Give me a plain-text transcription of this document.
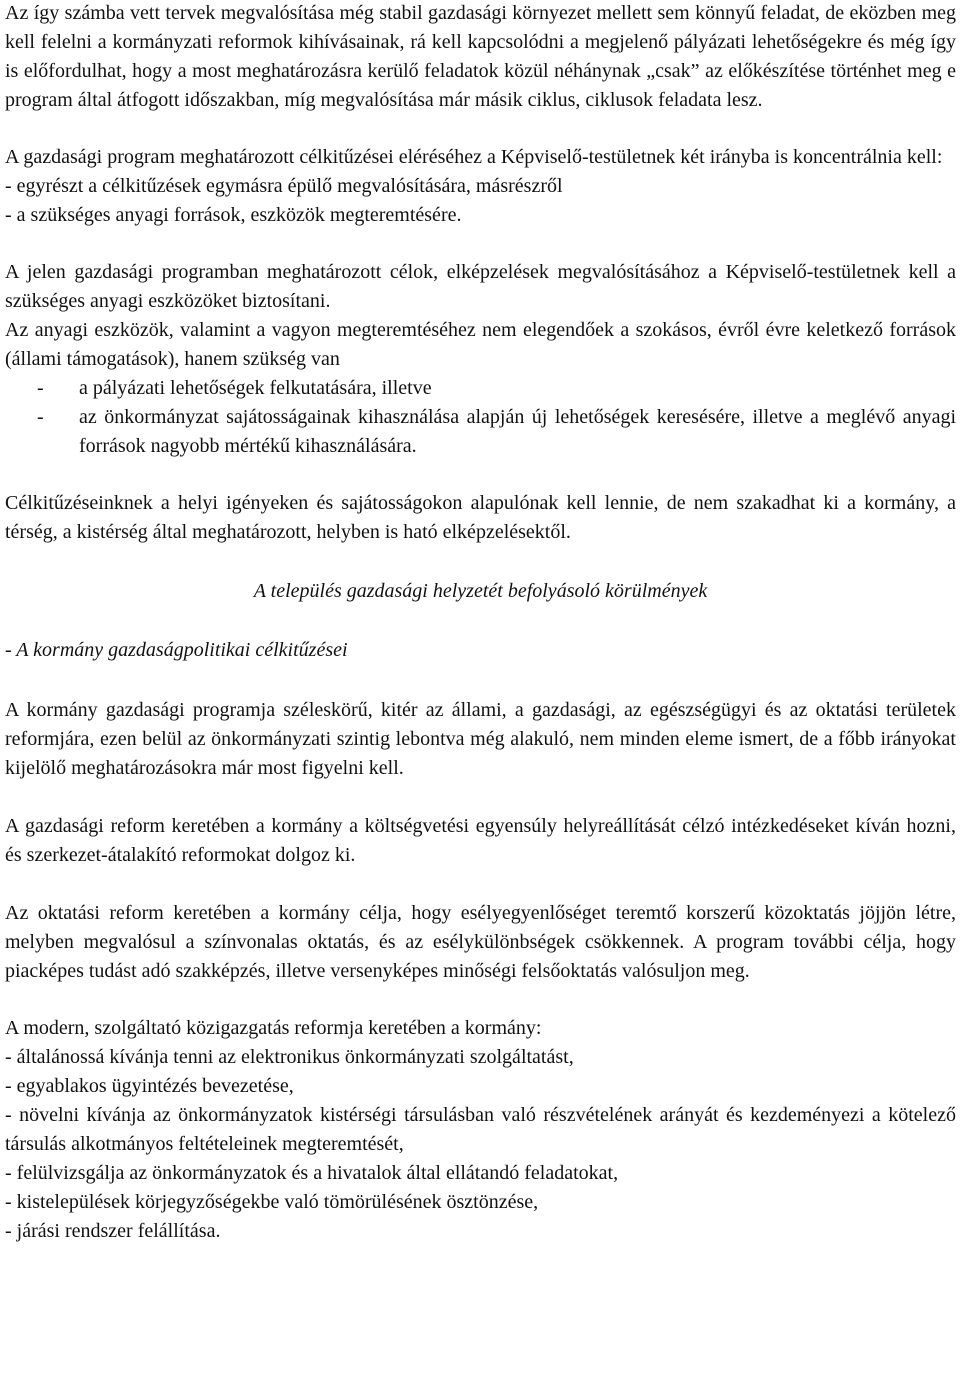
Az így számba vett tervek megvalósítása még stabil gazdasági környezet mellett sem könnyű feladat, de eközben meg kell felelni a kormányzati reformok kihívásainak, rá kell kapcsolódni a megjelenő pályázati lehetőségekre és még így is előfordulhat, hogy a most meghatározásra kerülő feladatok közül néhánynak „csak” az előkészítése történhet meg e program által átfogott időszakban, míg megvalósítása már másik ciklus, ciklusok feladata lesz.

A gazdasági program meghatározott célkitűzései eléréséhez a Képviselő-testületnek két irányba is koncentrálnia kell:

- egyrészt a célkitűzések egymásra épülő megvalósítására, másrészről
- a szükséges anyagi források, eszközök megteremtésére.

A jelen gazdasági programban meghatározott célok, elképzelések megvalósításához a Képviselő-testületnek kell a szükséges anyagi eszközöket biztosítani.

Az anyagi eszközök, valamint a vagyon megteremtéséhez nem elegendőek a szokásos, évről évre keletkező források (állami támogatások), hanem szükség van

- a pályázati lehetőségek felkutatására, illetve
- az önkormányzat sajátosságainak kihasználása alapján új lehetőségek keresésére, illetve a meglévő anyagi források nagyobb mértékű kihasználására.

Célkitűzéseinknek a helyi igényeken és sajátosságokon alapulónak kell lennie, de nem szakadhat ki a kormány, a térség, a kistérség által meghatározott, helyben is ható elképzelésektől.

A település gazdasági helyzetét befolyásoló körülmények

- A kormány gazdaságpolitikai célkitűzései

A kormány gazdasági programja széleskörű, kitér az állami, a gazdasági, az egészségügyi és az oktatási területek reformjára, ezen belül az önkormányzati szintig lebontva még alakuló, nem minden eleme ismert, de a főbb irányokat kijelölő meghatározásokra már most figyelni kell.

A gazdasági reform keretében a kormány a költségvetési egyensúly helyreállítását célzó intézkedéseket kíván hozni, és szerkezet-átalakító reformokat dolgoz ki.

Az oktatási reform keretében a kormány célja, hogy esélyegyenlőséget teremtő korszerű közoktatás jöjjön létre, melyben megvalósul a színvonalas oktatás, és az esélykülönbségek csökkennek. A program további célja, hogy piacképes tudást adó szakképzés, illetve versenyképes minőségi felsőoktatás valósuljon meg.

A modern, szolgáltató közigazgatás reformja keretében a kormány:

- általánossá kívánja tenni az elektronikus önkormányzati szolgáltatást,

- egyablakos ügyintézés bevezetése,

- növelni kívánja az önkormányzatok kistérségi társulásban való részvételének arányát és kezdeményezi a kötelező társulás alkotmányos feltételeinek megteremtését,

- felülvizsgálja az önkormányzatok és a hivatalok által ellátandó feladatokat,

- kistelepülések körjegyzőségekbe való tömörülésének ösztönzése,

- járási rendszer felállítása.
